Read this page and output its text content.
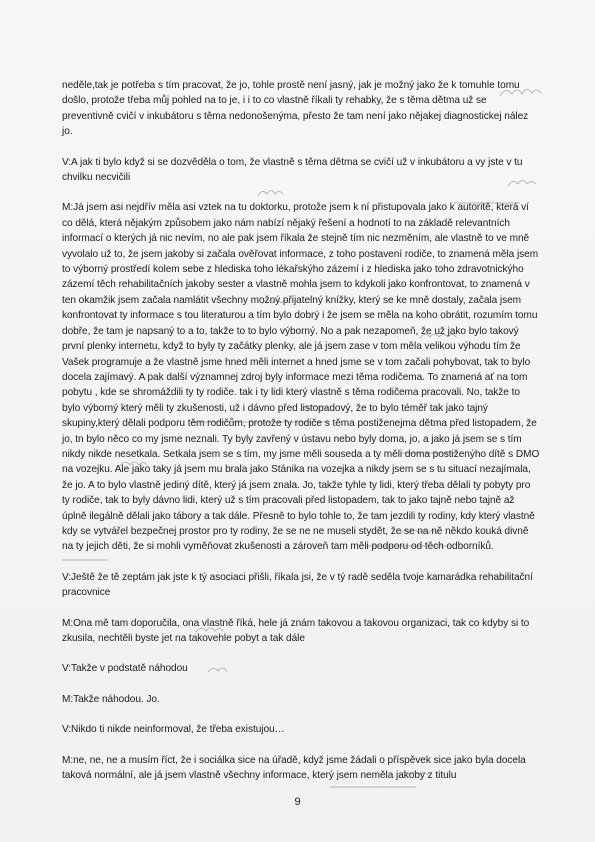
neděle,tak je potřeba s tím pracovat, že jo, tohle prostě není jasný, jak je možný jako že k tomuhle tomu došlo, protože třeba můj pohled na to je, i i to co vlastně říkali ty rehabky, že s těma dětma už se preventivně cvičí v inkubátoru s těma nedonošenýma, přesto že tam není jako nějakej diagnostickej nález jo.

V:A jak ti bylo když si se dozvěděla o tom, že vlastně s těma dětma se cvičí už v inkubátoru a vy jste v tu chvilku necvičili

M:Já jsem asi nejdřív měla asi vztek na tu doktorku, protože jsem k ní přistupovala jako k autoritě, která ví co dělá, která nějakým způsobem jako nám nabízí nějaký řešení a hodnotí to na základě relevantních informací o kterých já nic nevím, no ale pak jsem říkala že stejně tím nic nezměním, ale vlastně to ve mně vyvolalo už to, že jsem jakoby si začala ověřovat informace, z toho postavení rodiče, to znamená měla jsem to výborný prostředí kolem sebe z hlediska toho lékařskýho zázemí i z hlediska jako toho zdravotnickýho zázemí těch rehabilitačních jakoby sester a vlastně mohla jsem to kdykoli jako konfrontovat, to znamená v ten okamžik jsem začala namlátit všechny možný přijatelný knížky, který se ke mně dostaly, začala jsem konfrontovat ty informace s tou literaturou a tím bylo dobrý i že jsem se měla na koho obrátit, rozumím tomu dobře, že tam je napsaný to a to, takže to to bylo výborný. No a pak nezapomeň, že už jako bylo takový první plenky internetu, když to byly ty začátky plenky, ale já jsem zase v tom měla velikou výhodu tím že Vašek programuje a že vlastně jsme hned měli internet a hned jsme se v tom začali pohybovat, tak to bylo docela zajímavý. A pak další významnej zdroj byly informace mezi těma rodičema. To znamená ať na tom pobytu , kde se shromáždili ty ty rodiče. tak i ty lidi který vlastně s těma rodičema pracovali. No, takže to bylo výborný který měli ty zkušenosti, už i dávno před listopadový, že to bylo téměř tak jako tajný skupiny,který dělali podporu těm rodičům, protože ty rodiče s těma postiženejma dětma před listopadem, že jo, tn bylo něco co my jsme neznali. Ty byly zavřený v ústavu nebo byly doma, jo, a jako já jsem se s tím nikdy nikde nesetkala. Setkala jsem se s tím, my jsme měli souseda a ty měli doma postiženýho dítě s DMO na vozejku. Ale jako taky já jsem mu brala jako Stánika na vozejka a nikdy jsem se s tu situací nezajímala, že jo. A to bylo vlastně jediný dítě, který já jsem znala. Jo, takže tyhle ty lidi, který třeba dělali ty pobyty pro ty rodiče, tak to byly dávno lidi, který už s tím pracovali před listopadem, tak to jako tajně nebo tajně až úplně ilegálně dělali jako tábory a tak dále. Přesně to bylo tohle to, že tam jezdili ty rodiny, kdy který vlastně kdy se vytvářel bezpečnej prostor pro ty rodiny, že se ne ne museli stydět, že se na ně někdo kouká divně na ty jejich děti, že si mohli vyměňovat zkušenosti a zároveň tam měli podporu od těch odborníků.

V:Ještě že tě zeptám jak jste k tý asociaci přišli, říkala jsi, že v tý radě seděla tvoje kamarádka rehabilitační pracovnice

M:Ona mě tam doporučila, ona vlastně říká, hele já znám takovou a takovou organizaci, tak co kdyby si to zkusila, nechtěli byste jet na takovehle pobyt a tak dále

V:Takže v podstatě náhodou

M:Takže náhodou. Jo.

V:Nikdo ti nikde neinformoval, že třeba existujou…

M:ne, ne, ne a musím říct, že i sociálka sice na úřadě, když jsme žádali o příspěvek sice jako byla docela taková normální, ale já jsem vlastně všechny informace, který jsem neměla jakoby z titulu

9
